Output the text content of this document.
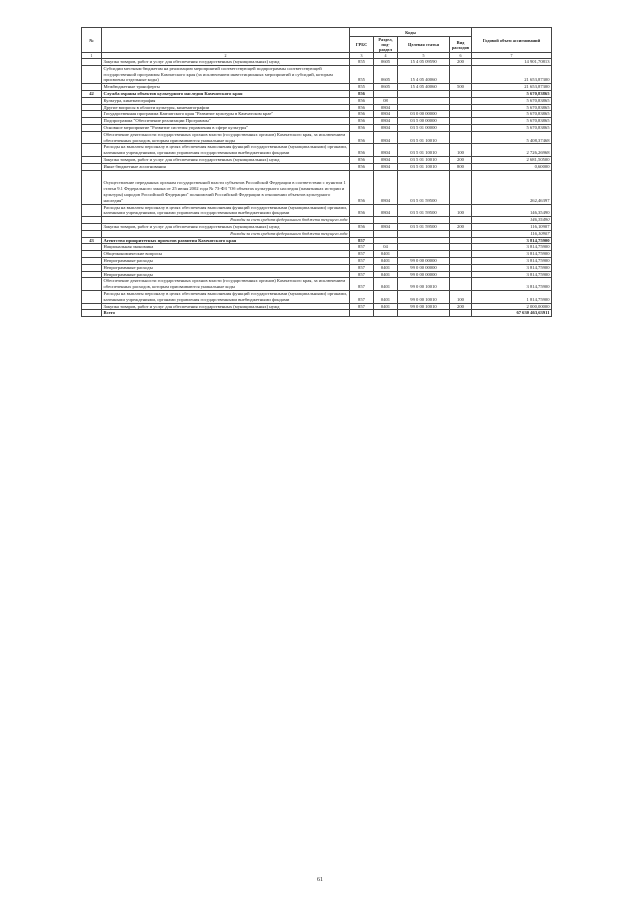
№		Коды				Годовой объем ассигнований
		ГРБС	Раздел, под-раздел	Целевая статья	Вид расходов	
1	2	3	4	5	6	7
	Закупка товаров, работ и услуг для обеспечения государственных (муниципальных) нужд	855	0605	15 4 05 09590	200	14 901,70813
	Субсидии местным бюджетам на реализацию мероприятий соответствующей подпрограммы соответствующей государственной программы Камчатского края (за исключением инвестиционных мероприятий и субсидий, которым присвоены отдельные коды)	855	0605	15 4 05 40060		21 653,87300
	Межбюджетные трансферты	855	0605	15 4 05 40060	500	21 653,87300
42	Служба охраны объектов культурного наследия Камчатского края	856				5 670,83865
	Культура, кинематография	856	08			5 670,83865
	Другие вопросы в области культуры, кинематографии	856	0804			5 670,83865
	Государственная программа Камчатского края "Развитие культуры в Камчатском крае"	856	0804	03 0 00 00000		5 670,83865
	Подпрограмма "Обеспечение реализации Программы"	856	0804	03 5 00 00000		5 670,83865
	Основное мероприятие "Развитие системы управления в сфере культуры"	856	0804	03 5 01 00000		5 670,83865
	Обеспечение деятельности государственных органов власти (государственных органов) Камчатского края, за исключением обеспеченных расходов, которым присваиваются уникальные коды	856	0804	03 5 01 10010		5 408,37468
	Расходы на выплаты персоналу в целях обеспечения выполнения функций государственными (муниципальными) органами, казенными учреждениями, органами управления государственными внебюджетными фондами	856	0804	03 5 01 10010	100	2 726,26968
	Закупка товаров, работ и услуг для обеспечения государственных (муниципальных) нужд	856	0804	03 5 01 10010	200	2 681,50500
	Иные бюджетные ассигнования	856	0804	03 5 01 10010	800	0,60000
	Осуществление переданных органам государственной власти субъектов Российской Федерации в соответствии с пунктом 1 статьи 9.1 Федерального закона от 25 июня 2002 года № 73-ФЗ "Об объектах культурного наследия (памятниках истории и культуры) народов Российской Федерации" полномочий Российской Федерации в отношении объектов культурного наследия"	856	0804	03 5 01 59500		262,46397
	Расходы на выплаты персоналу в целях обеспечения выполнения функций государственными (муниципальными) органами, казенными учреждениями, органами управления государственными внебюджетными фондами	856	0804	03 5 01 59500	100	146,35490
	Расходы за счет средств федерального бюджета текущего года					146,35490
	Закупка товаров, работ и услуг для обеспечения государственных (муниципальных) нужд	856	0804	03 5 01 59500	200	116,10907
	Расходы за счет средств федерального бюджета текущего года					116,10907
43	Агентство приоритетных проектов развития Камчатского края	857				3 814,75900
	Национальная экономика	857	04			3 814,75900
	Общеэкономические вопросы	857	0401			3 814,75900
	Непрограммные расходы	857	0401	99 0 00 00000		3 814,75900
	Непрограммные расходы	857	0401	99 0 00 00000		3 814,75900
	Непрограммные расходы	857	0401	99 0 00 00000		3 814,75900
	Обеспечение деятельности государственных органов власти (государственных органов) Камчатского края, за исключением обеспеченных расходов, которым присваиваются уникальные коды	857	0401	99 0 00 10010		3 814,75900
	Расходы на выплаты персоналу в целях обеспечения выполнения функций государственными (муниципальными) органами, казенными учреждениями, органами управления государственными внебюджетными фондами	857	0401	99 0 00 10010	100	1 814,75900
	Закупка товаров, работ и услуг для обеспечения государственных (муниципальных) нужд	857	0401	99 0 00 10010	200	2 000,00000
	Всего					67 630 463,63911
61
